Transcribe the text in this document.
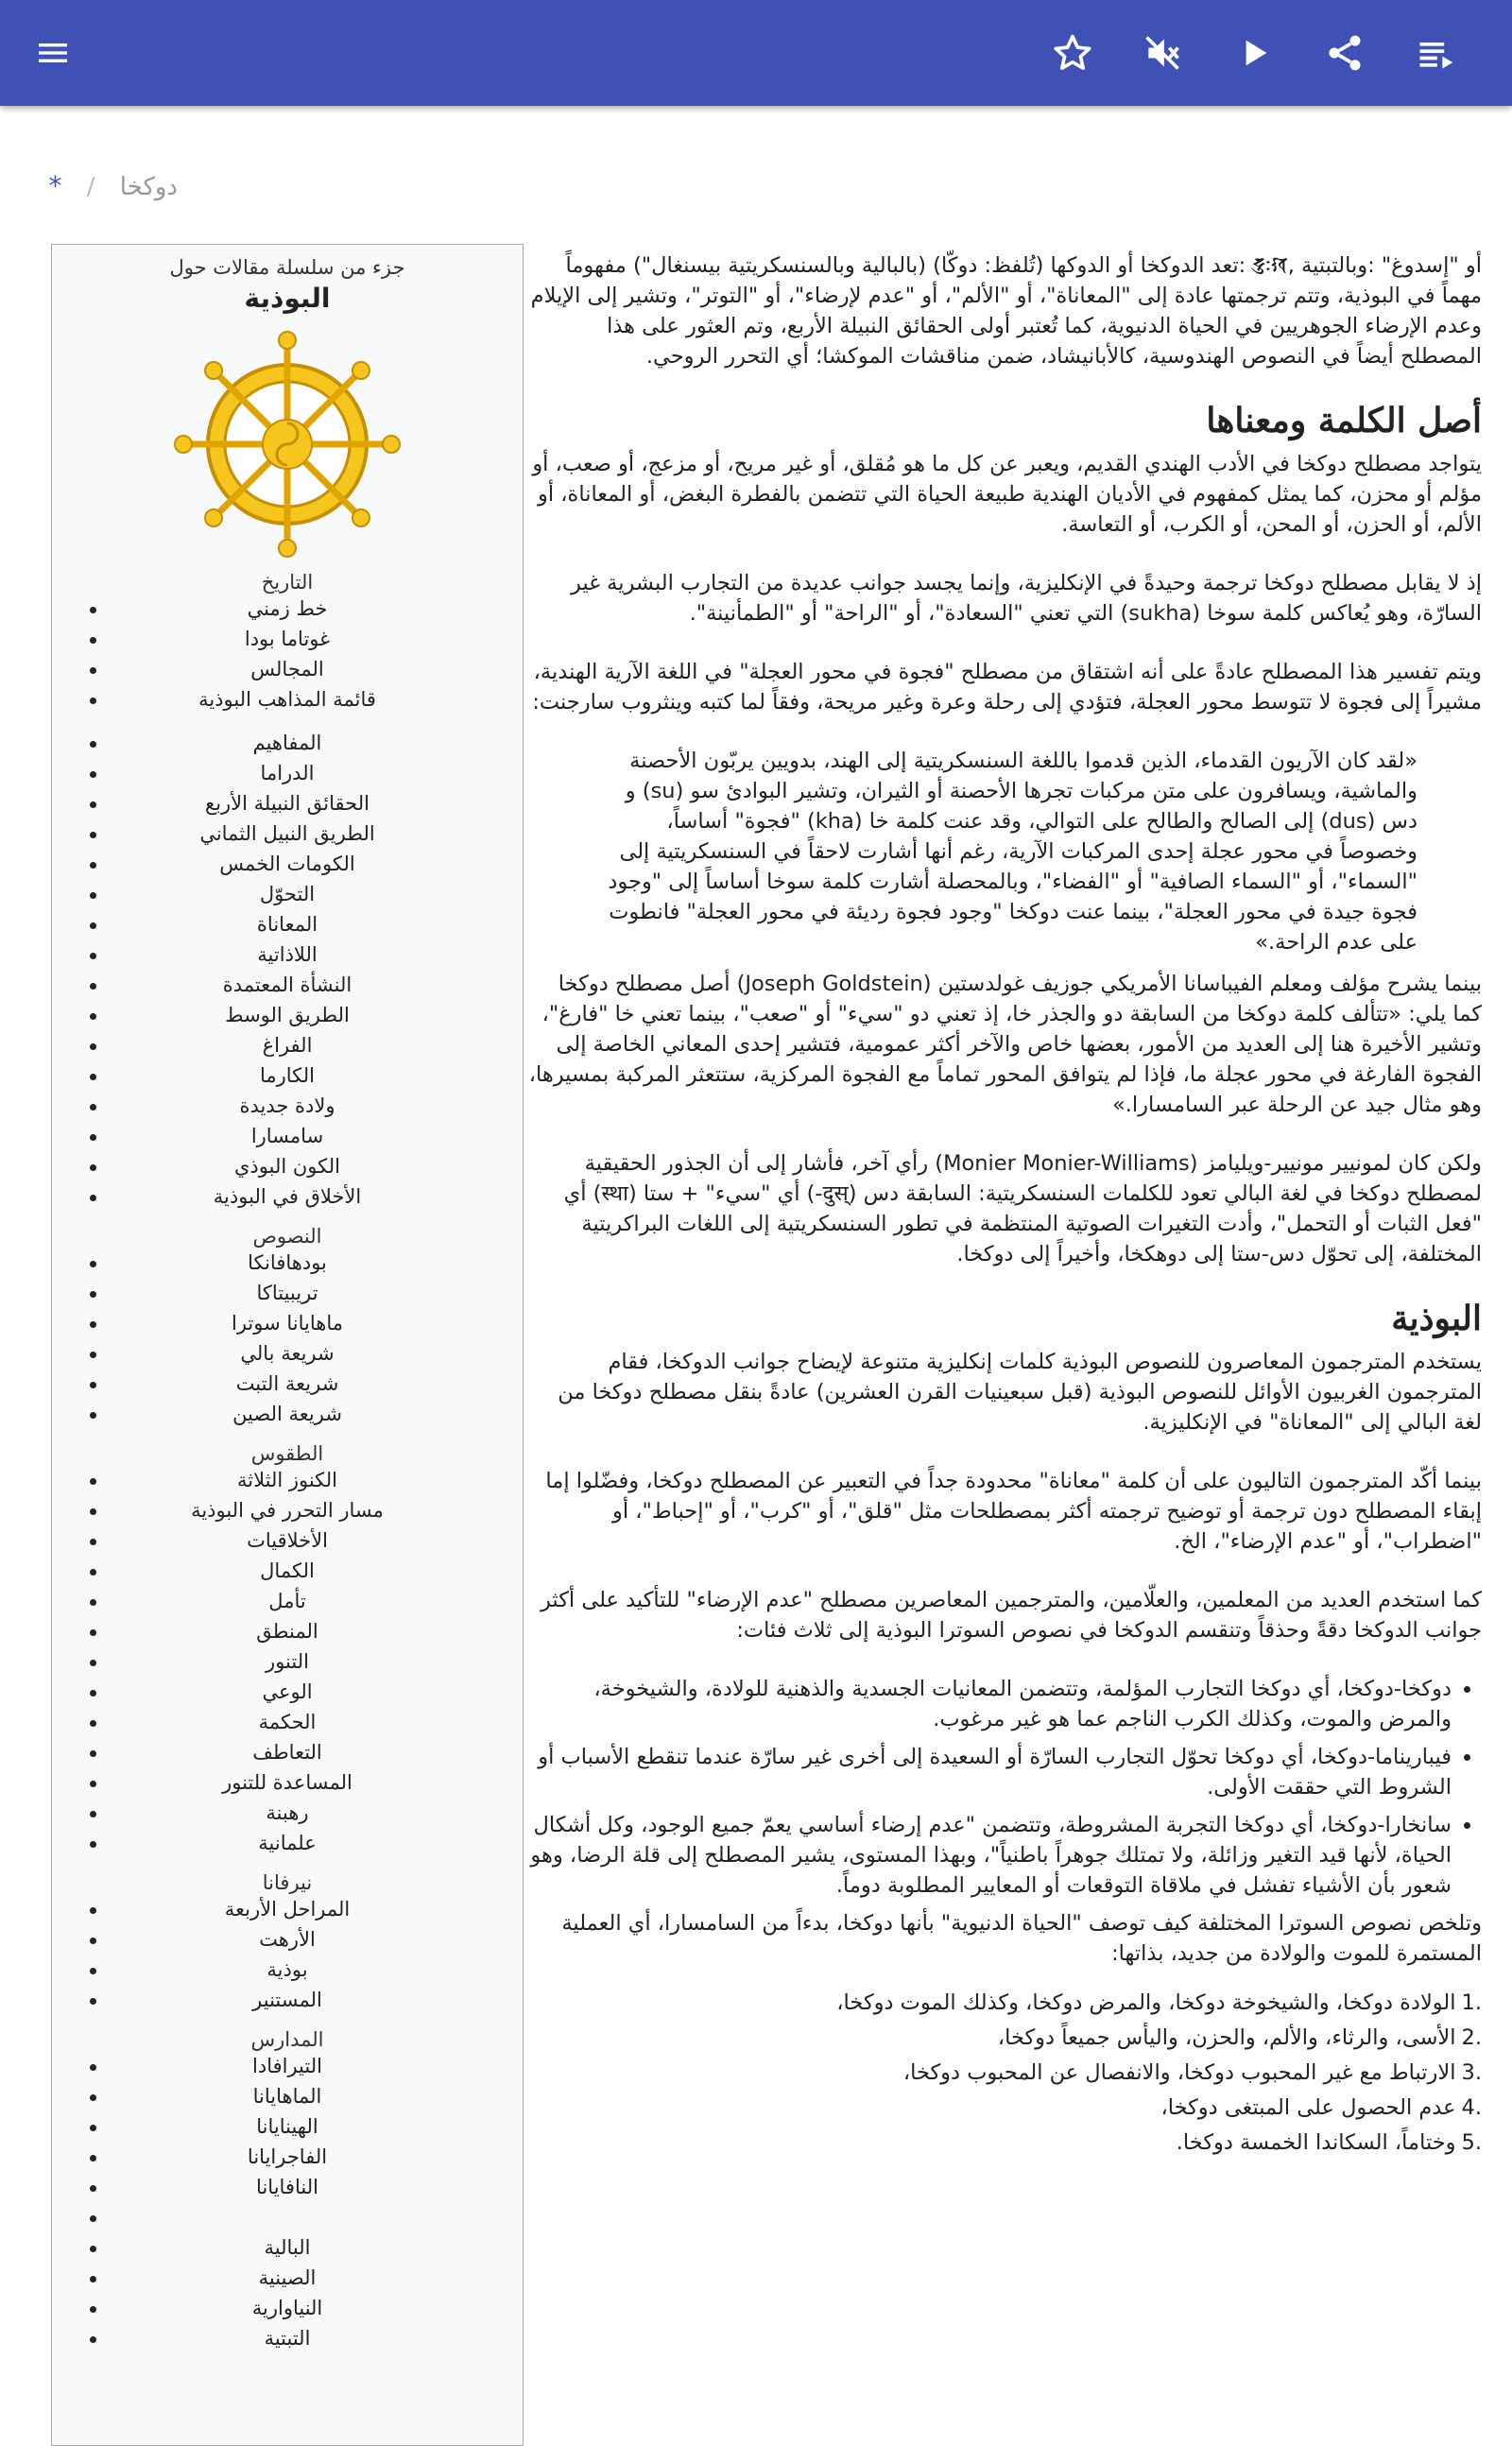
دوكخا / *
جزء من سلسلة مقالات حول
البوذية
التاريخ
خط زمني
غوتاما بودا
المجالس
قائمة المذاهب البوذية
المفاهيم
الدراما
الحقائق النبيلة الأربع
الطريق النبيل الثماني
الكومات الخمس
التحوّل
المعاناة
اللاذاتية
النشأة المعتمدة
الطريق الوسط
الفراغ
الكارما
ولادة جديدة
سامسارا
الكون البوذي
الأخلاق في البوذية
النصوص
بودهافانكا
تريبيتاكا
ماهايانا سوترا
شريعة بالي
شريعة التبت
شريعة الصين
الطقوس
الكنوز الثلاثة
مسار التحرر في البوذية
الأخلاقيات
الكمال
تأمل
المنطق
التنور
الوعي
الحكمة
التعاطف
المساعدة للتنور
رهبنة
علمانية
نيرفانا
المراحل الأربعة
الأرهت
بوذية
المستنير
المدارس
التيرافادا
الماهايانا
الهينايانا
الفاجرايانا
النافايانا
البالية
الصينية
النياوارية
التبتية

أو "إسدوغ" :وبالتبتية ,𑖟𑖲𑖾𑖏 :تعد الدوكخا أو الدوكها (تُلفظ: دوكّا) (بالبالية وبالسنسكريتية بيسنغال") مفهوماً مهماً في البوذية، وتتم ترجمتها عادة إلى "المعاناة"، أو "الألم"، أو "عدم لإرضاء"، أو "التوتر"، وتشير إلى الإيلام وعدم الإرضاء الجوهريين في الحياة الدنيوية، كما تُعتبر أولى الحقائق النبيلة الأربع، وتم العثور على هذا المصطلح أيضاً في النصوص الهندوسية، كالأبانيشاد، ضمن مناقشات الموكشا؛ أي التحرر الروحي.

أصل الكلمة ومعناها

يتواجد مصطلح دوكخا في الأدب الهندي القديم، ويعبر عن كل ما هو مُقلق، أو غير مريح، أو مزعج، أو صعب، أو مؤلم أو محزن، كما يمثل كمفهوم في الأديان الهندية طبيعة الحياة التي تتضمن بالفطرة البغض، أو المعاناة، أو الألم، أو الحزن، أو المحن، أو الكرب، أو التعاسة.

إذ لا يقابل مصطلح دوكخا ترجمة وحيدةً في الإنكليزية، وإنما يجسد جوانب عديدة من التجارب البشرية غير السارّة، وهو يُعاكس كلمة سوخا (sukha) التي تعني "السعادة"، أو "الراحة" أو "الطمأنينة".

ويتم تفسير هذا المصطلح عادةً على أنه اشتقاق من مصطلح "فجوة في محور العجلة" في اللغة الآرية الهندية، مشيراً إلى فجوة لا تتوسط محور العجلة، فتؤدي إلى رحلة وعرة وغير مريحة، وفقاً لما كتبه وينثروب سارجنت:

«لقد كان الآريون القدماء، الذين قدموا باللغة السنسكريتية إلى الهند، بدويين يربّون الأحصنة والماشية، ويسافرون على متن مركبات تجرها الأحصنة أو الثيران، وتشير البوادئ سو (su) و دس (dus) إلى الصالح والطالح على التوالي، وقد عنت كلمة خا (kha) "فجوة" أساساً، وخصوصاً في محور عجلة إحدى المركبات الآرية، رغم أنها أشارت لاحقاً في السنسكريتية إلى "السماء"، أو "السماء الصافية" أو "الفضاء"، وبالمحصلة أشارت كلمة سوخا أساساً إلى "وجود فجوة جيدة في محور العجلة"، بينما عنت دوكخا "وجود فجوة رديئة في محور العجلة" فانطوت على عدم الراحة.»

بينما يشرح مؤلف ومعلم الفيباسانا الأمريكي جوزيف غولدستين (Joseph Goldstein) أصل مصطلح دوكخا كما يلي: «تتألف كلمة دوكخا من السابقة دو والجذر خا، إذ تعني دو "سيء" أو "صعب"، بينما تعني خا "فارغ"، وتشير الأخيرة هنا إلى العديد من الأمور، بعضها خاص والآخر أكثر عمومية، فتشير إحدى المعاني الخاصة إلى الفجوة الفارغة في محور عجلة ما، فإذا لم يتوافق المحور تماماً مع الفجوة المركزية، ستتعثر المركبة بمسيرها، وهو مثال جيد عن الرحلة عبر السامسارا.»

ولكن كان لمونيير مونيير-ويليامز (Monier Monier-Williams) رأي آخر، فأشار إلى أن الجذور الحقيقية لمصطلح دوكخا في لغة البالي تعود للكلمات السنسكريتية: السابقة دس (दुस्-) أي "سيء" + ستا (स्था) أي "فعل الثبات أو التحمل"، وأدت التغيرات الصوتية المنتظمة في تطور السنسكريتية إلى اللغات البراكريتية المختلفة، إلى تحوّل دس-ستا إلى دوهكخا، وأخيراً إلى دوكخا.

البوذية

يستخدم المترجمون المعاصرون للنصوص البوذية كلمات إنكليزية متنوعة لإيضاح جوانب الدوكخا، فقام المترجمون الغربيون الأوائل للنصوص البوذية (قبل سبعينيات القرن العشرين) عادةً بنقل مصطلح دوكخا من لغة البالي إلى "المعاناة" في الإنكليزية.

بينما أكّد المترجمون التاليون على أن كلمة "معاناة" محدودة جداً في التعبير عن المصطلح دوكخا، وفضّلوا إما إبقاء المصطلح دون ترجمة أو توضيح ترجمته أكثر بمصطلحات مثل "قلق"، أو "كرب"، أو "إحباط"، أو "اضطراب"، أو "عدم الإرضاء"، الخ.

كما استخدم العديد من المعلمين، والعلّامين، والمترجمين المعاصرين مصطلح "عدم الإرضاء" للتأكيد على أكثر جوانب الدوكخا دقةً وحذقاً وتنقسم الدوكخا في نصوص السوترا البوذية إلى ثلاث فئات:

• دوكخا-دوكخا، أي دوكخا التجارب المؤلمة، وتتضمن المعانيات الجسدية والذهنية للولادة، والشيخوخة، والمرض والموت، وكذلك الكرب الناجم عما هو غير مرغوب.
• فيباريناما-دوكخا، أي دوكخا تحوّل التجارب السارّة أو السعيدة إلى أخرى غير سارّة عندما تنقطع الأسباب أو الشروط التي حققت الأولى.
• سانخارا-دوكخا، أي دوكخا التجربة المشروطة، وتتضمن "عدم إرضاء أساسي يعمّ جميع الوجود، وكل أشكال الحياة، لأنها قيد التغير وزائلة، ولا تمتلك جوهراً باطنياً"، وبهذا المستوى، يشير المصطلح إلى قلة الرضا، وهو شعور بأن الأشياء تفشل في ملاقاة التوقعات أو المعايير المطلوبة دوماً.

وتلخص نصوص السوترا المختلفة كيف توصف "الحياة الدنيوية" بأنها دوكخا، بدءاً من السامسارا، أي العملية المستمرة للموت والولادة من جديد، بذاتها:

.1الولادة دوكخا، والشيخوخة دوكخا، والمرض دوكخا، وكذلك الموت دوكخا،
.2الأسى، والرثاء، والألم، والحزن، واليأس جميعاً دوكخا،
.3الارتباط مع غير المحبوب دوكخا، والانفصال عن المحبوب دوكخا،
.4عدم الحصول على المبتغى دوكخا،
.5وختاماً، السكاندا الخمسة دوكخا.
